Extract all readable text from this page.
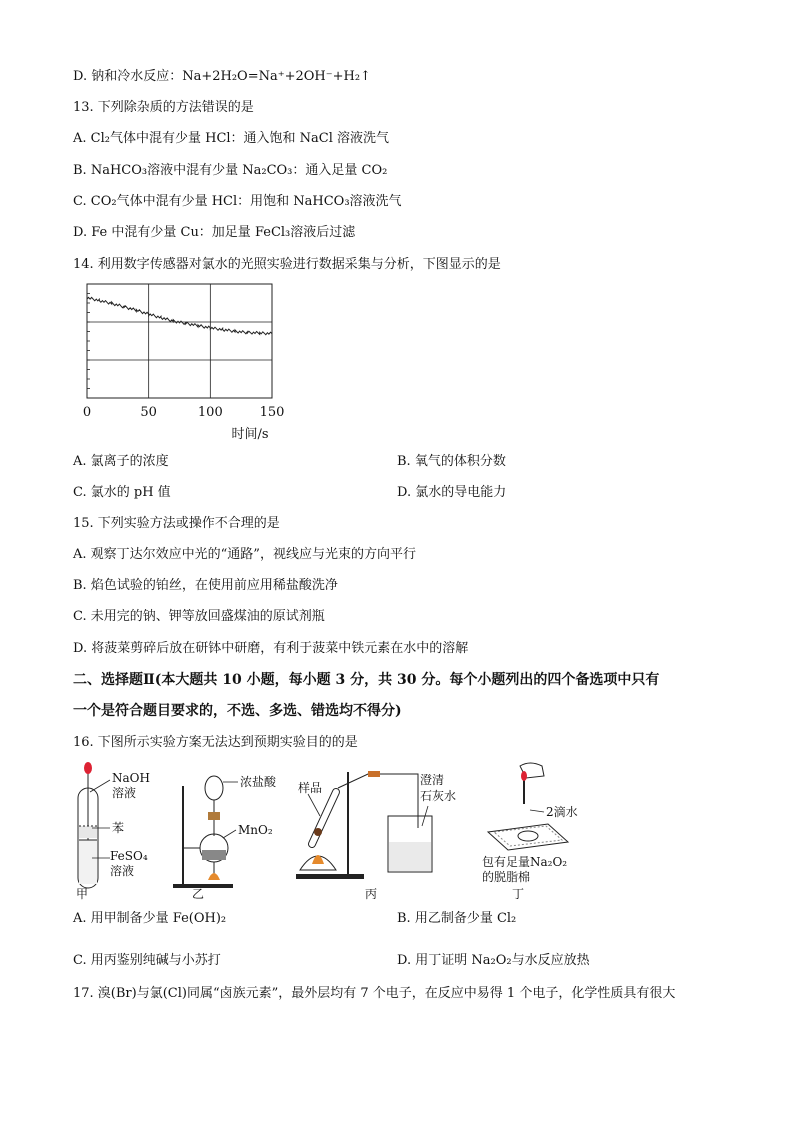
D. 钠和冷水反应：Na+2H₂O=Na⁺+2OH⁻+H₂↑
13. 下列除杂质的方法错误的是
A. Cl₂气体中混有少量 HCl：通入饱和 NaCl 溶液洗气
B. NaHCO₃溶液中混有少量 Na₂CO₃：通入足量 CO₂
C. CO₂气体中混有少量 HCl：用饱和 NaHCO₃溶液洗气
D. Fe 中混有少量 Cu：加足量 FeCl₃溶液后过滤
14. 利用数字传感器对氯水的光照实验进行数据采集与分析，下图显示的是
0	50	100	150
时间/s
A. 氯离子的浓度	B. 氧气的体积分数
C. 氯水的 pH 值	D. 氯水的导电能力
15. 下列实验方法或操作不合理的是
A. 观察丁达尔效应中光的“通路”，视线应与光束的方向平行
B. 焰色试验的铂丝，在使用前应用稀盐酸洗净
C. 未用完的钠、钾等放回盛煤油的原试剂瓶
D. 将菠菜剪碎后放在研钵中研磨，有利于菠菜中铁元素在水中的溶解
二、选择题Ⅱ(本大题共 10 小题，每小题 3 分，共 30 分。每个小题列出的四个备选项中只有
一个是符合题目要求的，不选、多选、错选均不得分)
16. 下图所示实验方案无法达到预期实验目的的是
NaOH
溶液
苯
FeSO₄
溶液
甲
浓盐酸
MnO₂
乙
样品
澄清
石灰水
丙
2滴水
包有足量Na₂O₂
的脱脂棉
丁
A. 用甲制备少量 Fe(OH)₂	B. 用乙制备少量 Cl₂
C. 用丙鉴别纯碱与小苏打	D. 用丁证明 Na₂O₂与水反应放热
17. 溴(Br)与氯(Cl)同属“卤族元素”，最外层均有 7 个电子，在反应中易得 1 个电子，化学性质具有很大
